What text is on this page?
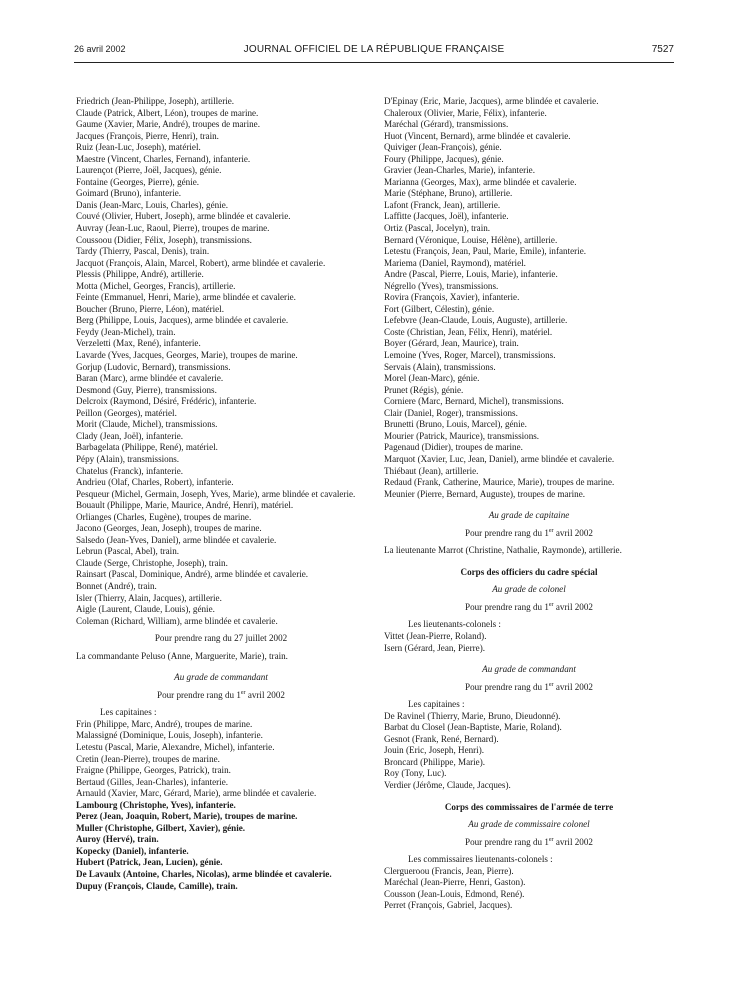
26 avril 2002	JOURNAL OFFICIEL DE LA RÉPUBLIQUE FRANÇAISE	7527
Friedrich (Jean-Philippe, Joseph), artillerie.
Claude (Patrick, Albert, Léon), troupes de marine.
Gaume (Xavier, Marie, André), troupes de marine.
Jacques (François, Pierre, Henri), train.
Ruiz (Jean-Luc, Joseph), matériel.
Maestre (Vincent, Charles, Fernand), infanterie.
Laurençot (Pierre, Joël, Jacques), génie.
Fontaine (Georges, Pierre), génie.
Goimard (Bruno), infanterie.
Danis (Jean-Marc, Louis, Charles), génie.
Couvé (Olivier, Hubert, Joseph), arme blindée et cavalerie.
Auvray (Jean-Luc, Raoul, Pierre), troupes de marine.
Coussoou (Didier, Félix, Joseph), transmissions.
Tardy (Thierry, Pascal, Denis), train.
Jacquot (François, Alain, Marcel, Robert), arme blindée et cavalerie.
Plessis (Philippe, André), artillerie.
Motta (Michel, Georges, Francis), artillerie.
Feinte (Emmanuel, Henri, Marie), arme blindée et cavalerie.
Boucher (Bruno, Pierre, Léon), matériel.
Berg (Philippe, Louis, Jacques), arme blindée et cavalerie.
Feydy (Jean-Michel), train.
Verzeletti (Max, René), infanterie.
Lavarde (Yves, Jacques, Georges, Marie), troupes de marine.
Gorjup (Ludovic, Bernard), transmissions.
Baran (Marc), arme blindée et cavalerie.
Desmond (Guy, Pierre), transmissions.
Delcroix (Raymond, Désiré, Frédéric), infanterie.
Peillon (Georges), matériel.
Morit (Claude, Michel), transmissions.
Clady (Jean, Joël), infanterie.
Barbagelata (Philippe, René), matériel.
Pépy (Alain), transmissions.
Chatelus (Franck), infanterie.
Andrieu (Olaf, Charles, Robert), infanterie.
Pesqueur (Michel, Germain, Joseph, Yves, Marie), arme blindée et cavalerie.
Bouault (Philippe, Marie, Maurice, André, Henri), matériel.
Orlianges (Charles, Eugène), troupes de marine.
Jacono (Georges, Jean, Joseph), troupes de marine.
Salsedo (Jean-Yves, Daniel), arme blindée et cavalerie.
Lebrun (Pascal, Abel), train.
Claude (Serge, Christophe, Joseph), train.
Rainsart (Pascal, Dominique, André), arme blindée et cavalerie.
Bonnet (André), train.
Isler (Thierry, Alain, Jacques), artillerie.
Aigle (Laurent, Claude, Louis), génie.
Coleman (Richard, William), arme blindée et cavalerie.
Pour prendre rang du 27 juillet 2002
La commandante Peluso (Anne, Marguerite, Marie), train.
Au grade de commandant
Pour prendre rang du 1er avril 2002
Les capitaines :
Frin (Philippe, Marc, André), troupes de marine.
Malassigné (Dominique, Louis, Joseph), infanterie.
Letestu (Pascal, Marie, Alexandre, Michel), infanterie.
Cretin (Jean-Pierre), troupes de marine.
Fraigne (Philippe, Georges, Patrick), train.
Bertaud (Gilles, Jean-Charles), infanterie.
Arnauld (Xavier, Marc, Gérard, Marie), arme blindée et cavalerie.
Lambourg (Christophe, Yves), infanterie.
Perez (Jean, Joaquin, Robert, Marie), troupes de marine.
Muller (Christophe, Gilbert, Xavier), génie.
Auroy (Hervé), train.
Kopecky (Daniel), infanterie.
Hubert (Patrick, Jean, Lucien), génie.
De Lavaulx (Antoine, Charles, Nicolas), arme blindée et cavalerie.
Dupuy (François, Claude, Camille), train.
D'Epinay (Eric, Marie, Jacques), arme blindée et cavalerie.
Chaleroux (Olivier, Marie, Félix), infanterie.
Maréchal (Gérard), transmissions.
Huot (Vincent, Bernard), arme blindée et cavalerie.
Quiviger (Jean-François), génie.
Foury (Philippe, Jacques), génie.
Gravier (Jean-Charles, Marie), infanterie.
Marianna (Georges, Max), arme blindée et cavalerie.
Marie (Stéphane, Bruno), artillerie.
Lafont (Franck, Jean), artillerie.
Laffitte (Jacques, Joël), infanterie.
Ortiz (Pascal, Jocelyn), train.
Bernard (Véronique, Louise, Hélène), artillerie.
Letestu (François, Jean, Paul, Marie, Emile), infanterie.
Mariema (Daniel, Raymond), matériel.
Andre (Pascal, Pierre, Louis, Marie), infanterie.
Négrello (Yves), transmissions.
Rovira (François, Xavier), infanterie.
Fort (Gilbert, Célestin), génie.
Lefebvre (Jean-Claude, Louis, Auguste), artillerie.
Coste (Christian, Jean, Félix, Henri), matériel.
Boyer (Gérard, Jean, Maurice), train.
Lemoine (Yves, Roger, Marcel), transmissions.
Servais (Alain), transmissions.
Morel (Jean-Marc), génie.
Prunet (Régis), génie.
Corniere (Marc, Bernard, Michel), transmissions.
Clair (Daniel, Roger), transmissions.
Brunetti (Bruno, Louis, Marcel), génie.
Mourier (Patrick, Maurice), transmissions.
Pagenaud (Didier), troupes de marine.
Marquot (Xavier, Luc, Jean, Daniel), arme blindée et cavalerie.
Thiébaut (Jean), artillerie.
Redaud (Frank, Catherine, Maurice, Marie), troupes de marine.
Meunier (Pierre, Bernard, Auguste), troupes de marine.
Au grade de capitaine
Pour prendre rang du 1er avril 2002
La lieutenante Marrot (Christine, Nathalie, Raymonde), artillerie.
Corps des officiers du cadre spécial
Au grade de colonel
Pour prendre rang du 1er avril 2002
Les lieutenants-colonels :
Vittet (Jean-Pierre, Roland).
Isern (Gérard, Jean, Pierre).
Au grade de commandant
Pour prendre rang du 1er avril 2002
Les capitaines :
De Ravinel (Thierry, Marie, Bruno, Dieudonné).
Barbat du Closel (Jean-Baptiste, Marie, Roland).
Gesnot (Frank, René, Bernard).
Jouin (Eric, Joseph, Henri).
Broncard (Philippe, Marie).
Roy (Tony, Luc).
Verdier (Jérôme, Claude, Jacques).
Corps des commissaires de l'armée de terre
Au grade de commissaire colonel
Pour prendre rang du 1er avril 2002
Les commissaires lieutenants-colonels :
Clergueroou (Francis, Jean, Pierre).
Maréchal (Jean-Pierre, Henri, Gaston).
Cousson (Jean-Louis, Edmond, René).
Perret (François, Gabriel, Jacques).
